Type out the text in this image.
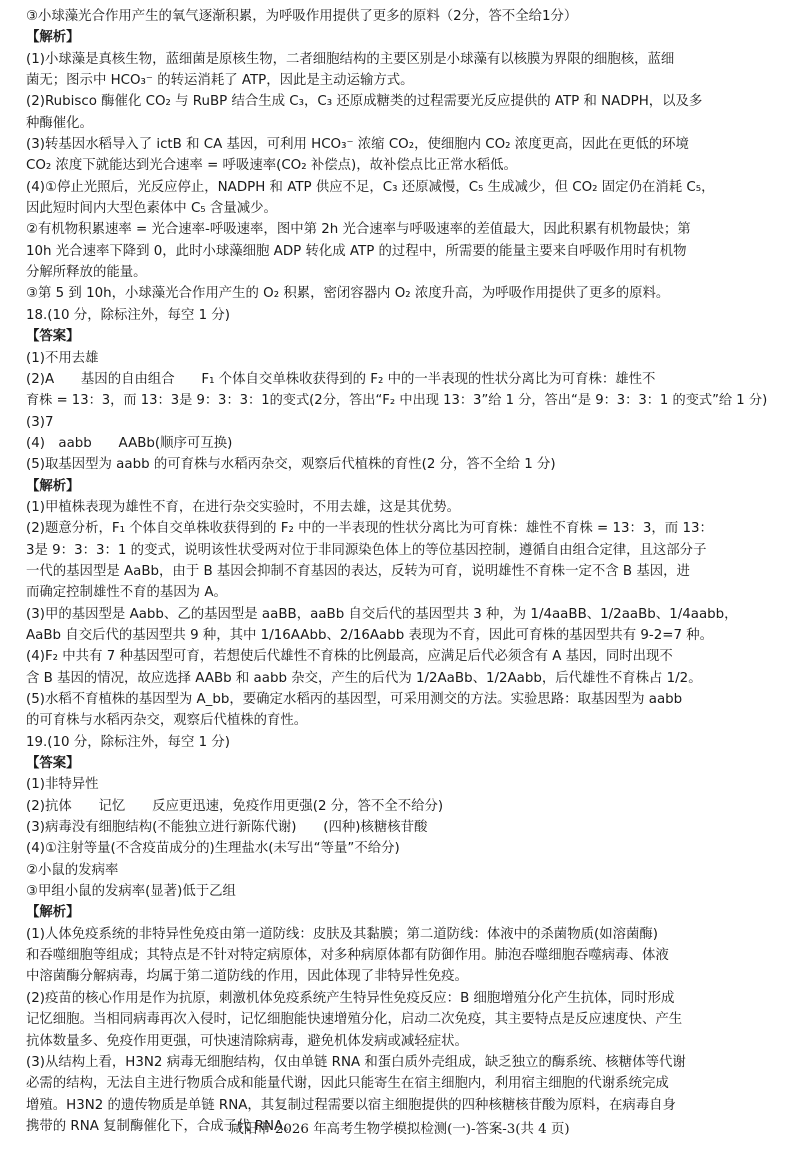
③小球藻光合作用产生的氧气逐渐积累，为呼吸作用提供了更多的原料（2分，答不全给1分）
【解析】
(1)小球藻是真核生物，蓝细菌是原核生物，二者细胞结构的主要区别是小球藻有以核膜为界限的细胞核，蓝细
菌无；图示中 HCO₃⁻ 的转运消耗了 ATP，因此是主动运输方式。
(2)Rubisco 酶催化 CO₂ 与 RuBP 结合生成 C₃，C₃ 还原成糖类的过程需要光反应提供的 ATP 和 NADPH，以及多
种酶催化。
(3)转基因水稻导入了 ictB 和 CA 基因，可利用 HCO₃⁻ 浓缩 CO₂，使细胞内 CO₂ 浓度更高，因此在更低的环境
CO₂ 浓度下就能达到光合速率 = 呼吸速率(CO₂ 补偿点)，故补偿点比正常水稻低。
(4)①停止光照后，光反应停止，NADPH 和 ATP 供应不足，C₃ 还原减慢，C₅ 生成减少，但 CO₂ 固定仍在消耗 C₅，
因此短时间内大型色素体中 C₅ 含量减少。
②有机物积累速率 = 光合速率-呼吸速率，图中第 2h 光合速率与呼吸速率的差值最大，因此积累有机物最快；第
10h 光合速率下降到 0，此时小球藻细胞 ADP 转化成 ATP 的过程中，所需要的能量主要来自呼吸作用时有机物
分解所释放的能量。
③第 5 到 10h，小球藻光合作用产生的 O₂ 积累，密闭容器内 O₂ 浓度升高，为呼吸作用提供了更多的原料。
18.(10 分，除标注外，每空 1 分)
【答案】
(1)不用去雄
(2)A　　基因的自由组合　　F₁ 个体自交单株收获得到的 F₂ 中的一半表现的性状分离比为可育株：雄性不
育株 = 13：3，而 13：3是 9：3：3：1的变式(2分，答出“F₂ 中出现 13：3”给 1 分，答出“是 9：3：3：1 的变式”给 1 分)
(3)7
(4)　aabb　　AABb(顺序可互换)
(5)取基因型为 aabb 的可育株与水稻丙杂交，观察后代植株的育性(2 分，答不全给 1 分)
【解析】
(1)甲植株表现为雄性不育，在进行杂交实验时，不用去雄，这是其优势。
(2)题意分析，F₁ 个体自交单株收获得到的 F₂ 中的一半表现的性状分离比为可育株：雄性不育株 = 13：3，而 13：
3是 9：3：3：1 的变式，说明该性状受两对位于非同源染色体上的等位基因控制，遵循自由组合定律，且这部分子
一代的基因型是 AaBb，由于 B 基因会抑制不育基因的表达，反转为可育，说明雄性不育株一定不含 B 基因，进
而确定控制雄性不育的基因为 A。
(3)甲的基因型是 Aabb、乙的基因型是 aaBB，aaBb 自交后代的基因型共 3 种，为 1/4aaBB、1/2aaBb、1/4aabb，
AaBb 自交后代的基因型共 9 种，其中 1/16AAbb、2/16Aabb 表现为不育，因此可育株的基因型共有 9-2=7 种。
(4)F₂ 中共有 7 种基因型可育，若想使后代雄性不育株的比例最高，应满足后代必须含有 A 基因，同时出现不
含 B 基因的情况，故应选择 AABb 和 aabb 杂交，产生的后代为 1/2AaBb、1/2Aabb，后代雄性不育株占 1/2。
(5)水稻不育植株的基因型为 A_bb，要确定水稻丙的基因型，可采用测交的方法。实验思路：取基因型为 aabb
的可育株与水稻丙杂交，观察后代植株的育性。
19.(10 分，除标注外，每空 1 分)
【答案】
(1)非特异性
(2)抗体　　记忆　　反应更迅速，免疫作用更强(2 分，答不全不给分)
(3)病毒没有细胞结构(不能独立进行新陈代谢)　　(四种)核糖核苷酸
(4)①注射等量(不含疫苗成分的)生理盐水(未写出“等量”不给分)
②小鼠的发病率
③甲组小鼠的发病率(显著)低于乙组
【解析】
(1)人体免疫系统的非特异性免疫由第一道防线：皮肤及其黏膜；第二道防线：体液中的杀菌物质(如溶菌酶)
和吞噬细胞等组成；其特点是不针对特定病原体，对多种病原体都有防御作用。肺泡吞噬细胞吞噬病毒、体液
中溶菌酶分解病毒，均属于第二道防线的作用，因此体现了非特异性免疫。
(2)疫苗的核心作用是作为抗原，刺激机体免疫系统产生特异性免疫反应：B 细胞增殖分化产生抗体，同时形成
记忆细胞。当相同病毒再次入侵时，记忆细胞能快速增殖分化，启动二次免疫，其主要特点是反应速度快、产生
抗体数量多、免疫作用更强，可快速清除病毒，避免机体发病或减轻症状。
(3)从结构上看，H3N2 病毒无细胞结构，仅由单链 RNA 和蛋白质外壳组成，缺乏独立的酶系统、核糖体等代谢
必需的结构，无法自主进行物质合成和能量代谢，因此只能寄生在宿主细胞内，利用宿主细胞的代谢系统完成
增殖。H3N2 的遗传物质是单链 RNA，其复制过程需要以宿主细胞提供的四种核糖核苷酸为原料，在病毒自身
携带的 RNA 复制酶催化下，合成子代 RNA。
咸阳市 2026 年高考生物学模拟检测(一)-答案-3(共 4 页)
